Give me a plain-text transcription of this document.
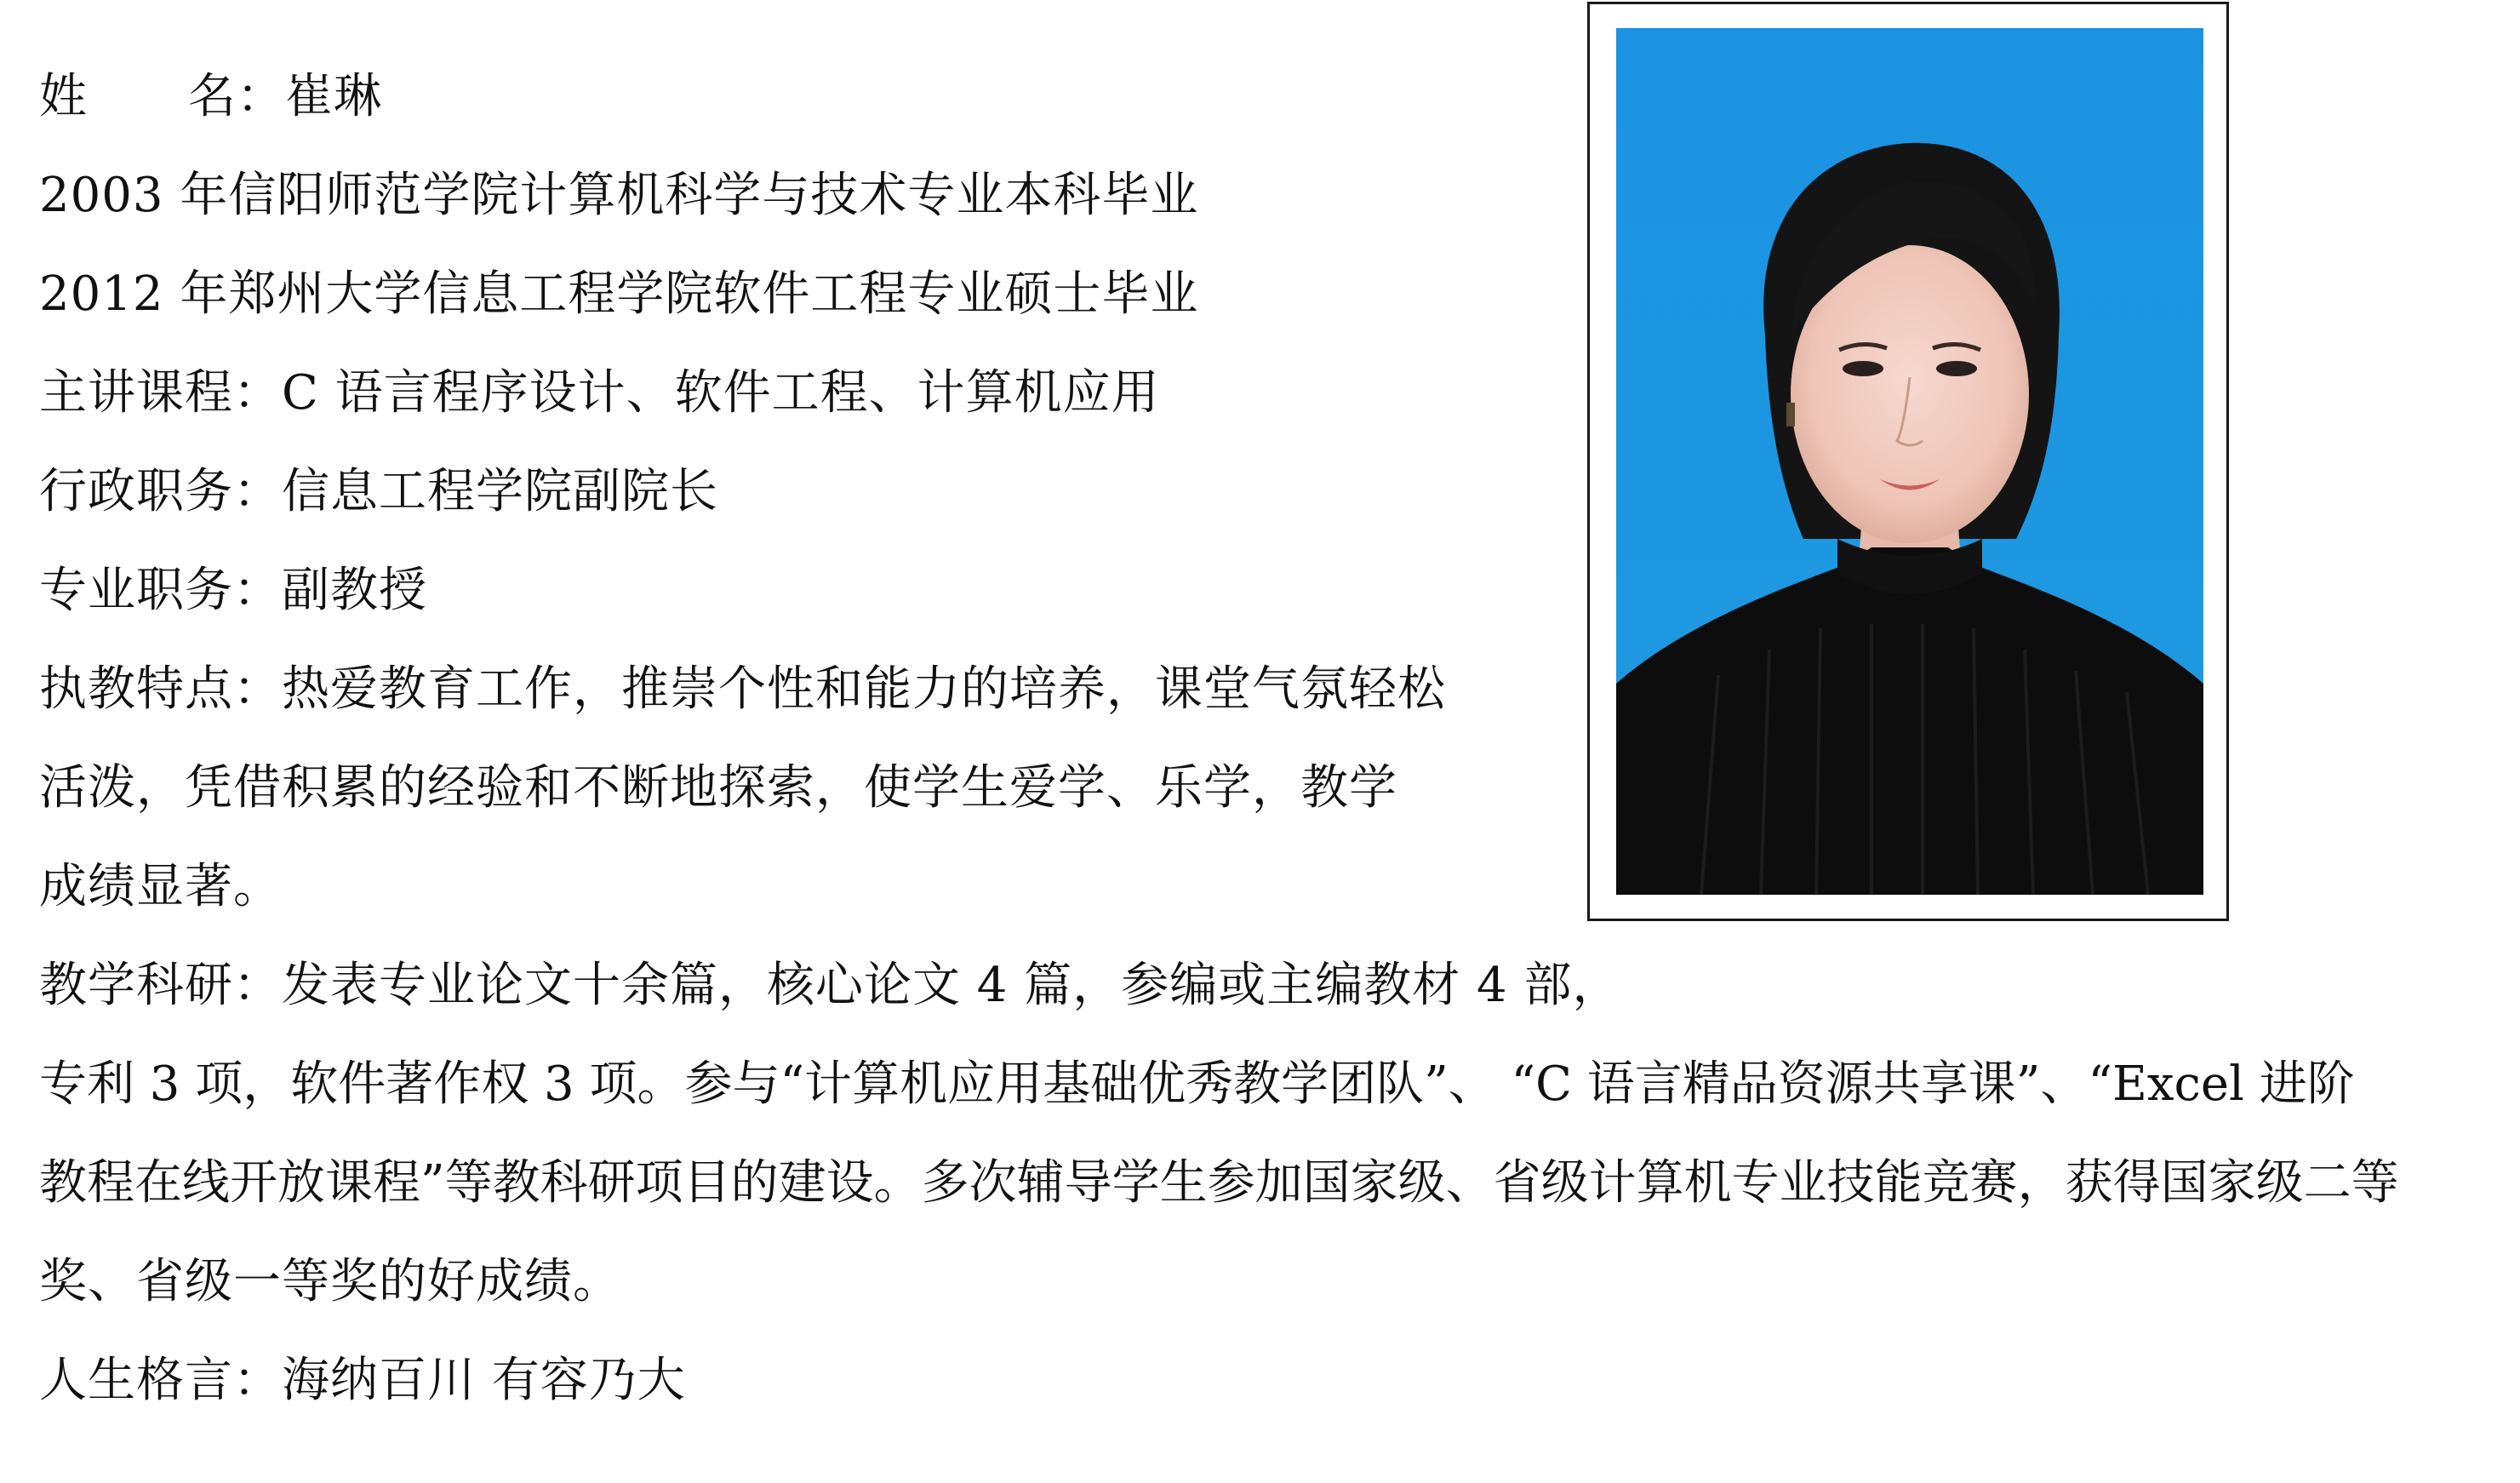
姓 名：崔琳
2003 年信阳师范学院计算机科学与技术专业本科毕业
2012 年郑州大学信息工程学院软件工程专业硕士毕业
主讲课程：C 语言程序设计、软件工程、计算机应用
行政职务：信息工程学院副院长
专业职务：副教授
执教特点：热爱教育工作，推崇个性和能力的培养，课堂气氛轻松
活泼，凭借积累的经验和不断地探索，使学生爱学、乐学，教学
成绩显著。
教学科研：发表专业论文十余篇，核心论文 4 篇，参编或主编教材 4 部，
专利 3 项，软件著作权 3 项。参与“计算机应用基础优秀教学团队”、 “C 语言精品资源共享课”、“Excel 进阶
教程在线开放课程”等教科研项目的建设。多次辅导学生参加国家级、省级计算机专业技能竞赛，获得国家级二等
奖、省级一等奖的好成绩。
人生格言：海纳百川 有容乃大
